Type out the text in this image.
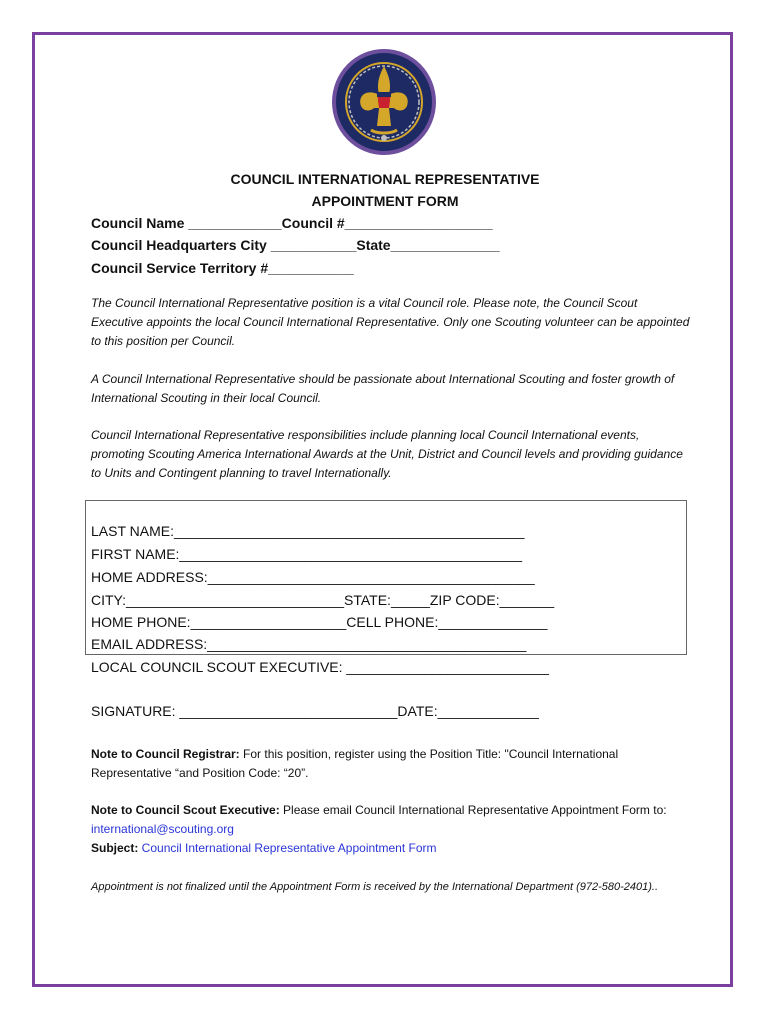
COUNCIL INTERNATIONAL REPRESENTATIVE
APPOINTMENT FORM
Council Name ____________Council #___________________
Council Headquarters City ___________State______________
Council Service Territory #___________
The Council International Representative position is a vital Council role. Please note, the Council Scout Executive appoints the local Council International Representative. Only one Scouting volunteer can be appointed to this position per Council.
A Council International Representative should be passionate about International Scouting and foster growth of International Scouting in their local Council.
Council International Representative responsibilities include planning local Council International events, promoting Scouting America International Awards at the Unit, District and Council levels and providing guidance to Units and Contingent planning to travel Internationally.
LAST NAME:_____________________________________________
FIRST NAME:____________________________________________
HOME ADDRESS:__________________________________________
CITY:____________________________STATE:_____ZIP CODE:_______
HOME PHONE:____________________CELL PHONE:______________
EMAIL ADDRESS:_________________________________________
LOCAL COUNCIL SCOUT EXECUTIVE: __________________________
SIGNATURE: ____________________________DATE:_____________
Note to Council Registrar: For this position, register using the Position Title: "Council International Representative “and Position Code: “20”.
Note to Council Scout Executive: Please email Council International Representative Appointment Form to: international@scouting.org
Subject: Council International Representative Appointment Form
Appointment is not finalized until the Appointment Form is received by the International Department (972-580-2401)..
